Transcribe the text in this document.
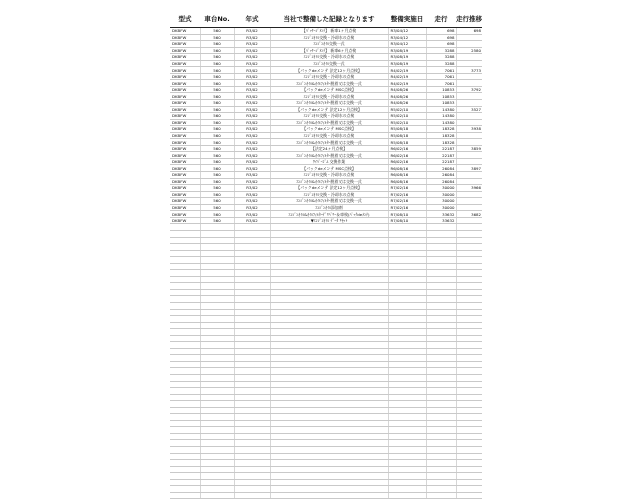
型式	車台No.	年式	当社で整備した記録となります	整備実施日	走行	走行推移
DKBFW	560	R3/02	【ﾊﾟｯｹｰｼﾞﾒﾝﾃ】 新車1ヶ月点検	R3/04/12	698	698
DKBFW	560	R3/02	ｴﾝｼﾞﾝｵｲﾙ交換・冷却水の点検	R3/04/12	698	
DKBFW	560	R3/02	ｴﾝｼﾞﾝｵｲﾙ交換一式	R3/04/12	698	
DKBFW	560	R3/02	【ﾊﾟｯｹｰｼﾞﾒﾝﾃ】 新車6ヶ月点検	R3/08/19	3288	2580
DKBFW	560	R3/02	ｴﾝｼﾞﾝｵｲﾙ交換・冷却水の点検	R3/08/19	3288	
DKBFW	560	R3/02	ｴﾝｼﾞﾝｵｲﾙ交換一式	R3/08/19	3288	
DKBFW	560	R3/02	【パックdeメンテ 法定12ヶ月点検】	R4/02/19	7061	3773
DKBFW	560	R3/02	ｴﾝｼﾞﾝｵｲﾙ交換・冷却水の点検	R4/02/19	7061	
DKBFW	560	R3/02	ｴﾝｼﾞﾝｵｲﾙ&ｵｲﾙﾌｨﾙﾀｰ脱着又は交換一式	R4/02/19	7061	
DKBFW	560	R3/02	【パックdeメンテ MSC点検】	R4/08/26	10853	3792
DKBFW	560	R3/02	ｴﾝｼﾞﾝｵｲﾙ交換・冷却水の点検	R4/08/26	10853	
DKBFW	560	R3/02	ｴﾝｼﾞﾝｵｲﾙ&ｵｲﾙﾌｨﾙﾀｰ脱着又は交換一式	R4/08/26	10853	
DKBFW	560	R3/02	【パックdeメンテ 法定12ヶ月点検】	R5/02/10	14380	3527
DKBFW	560	R3/02	ｴﾝｼﾞﾝｵｲﾙ交換・冷却水の点検	R5/02/10	14380	
DKBFW	560	R3/02	ｴﾝｼﾞﾝｵｲﾙ&ｵｲﾙﾌｨﾙﾀｰ脱着又は交換一式	R5/02/10	14380	
DKBFW	560	R3/02	【パックdeメンテ MSC点検】	R5/08/18	18328	3938
DKBFW	560	R3/02	ｴﾝｼﾞﾝｵｲﾙ交換・冷却水の点検	R5/08/18	18328	
DKBFW	560	R3/02	ｴﾝｼﾞﾝｵｲﾙ&ｵｲﾙﾌｨﾙﾀｰ脱着又は交換一式	R5/08/18	18328	
DKBFW	560	R3/02	【法定24ヶ月点検】	R6/02/16	22187	3859
DKBFW	560	R3/02	ｴﾝｼﾞﾝｵｲﾙ&ｵｲﾙﾌｨﾙﾀｰ脱着又は交換一式	R6/02/16	22187	
DKBFW	560	R3/02	ﾜｲﾊﾟｰｺﾞﾑ 交換作業	R6/02/16	22187	
DKBFW	560	R3/02	【パックdeメンテ MSC点検】	R6/08/16	26084	3897
DKBFW	560	R3/02	ｴﾝｼﾞﾝｵｲﾙ交換・冷却水の点検	R6/08/16	26084	
DKBFW	560	R3/02	ｴﾝｼﾞﾝｵｲﾙ&ｵｲﾙﾌｨﾙﾀｰ脱着又は交換一式	R6/08/16	26084	
DKBFW	560	R3/02	【パックdeメンテ 法定12ヶ月点検】	R7/02/16	30000	3966
DKBFW	560	R3/02	ｴﾝｼﾞﾝｵｲﾙ交換・冷却水の点検	R7/02/16	30000	
DKBFW	560	R3/02	ｴﾝｼﾞﾝｵｲﾙ&ｵｲﾙﾌｨﾙﾀｰ脱着又は交換一式	R7/02/16	30000	
DKBFW	560	R3/02	ｴﾝｼﾞﾝｵｲﾙ添加剤	R7/02/16	30000	
DKBFW	560	R3/02	ｴﾝｼﾞﾝｵｲﾙ&ｵｲﾙﾌｨﾙﾀｰﾃﾞﾘﾊﾞﾘｰ＆車検(ﾊﾟｯｸdeﾒﾝﾃ)	R7/08/10	33632	3682
DKBFW	560	R3/02	▼ｴﾝｼﾞﾝｵｲﾙ ﾃﾞｰﾀ ﾘｾｯﾄ	R7/08/10	33632	
